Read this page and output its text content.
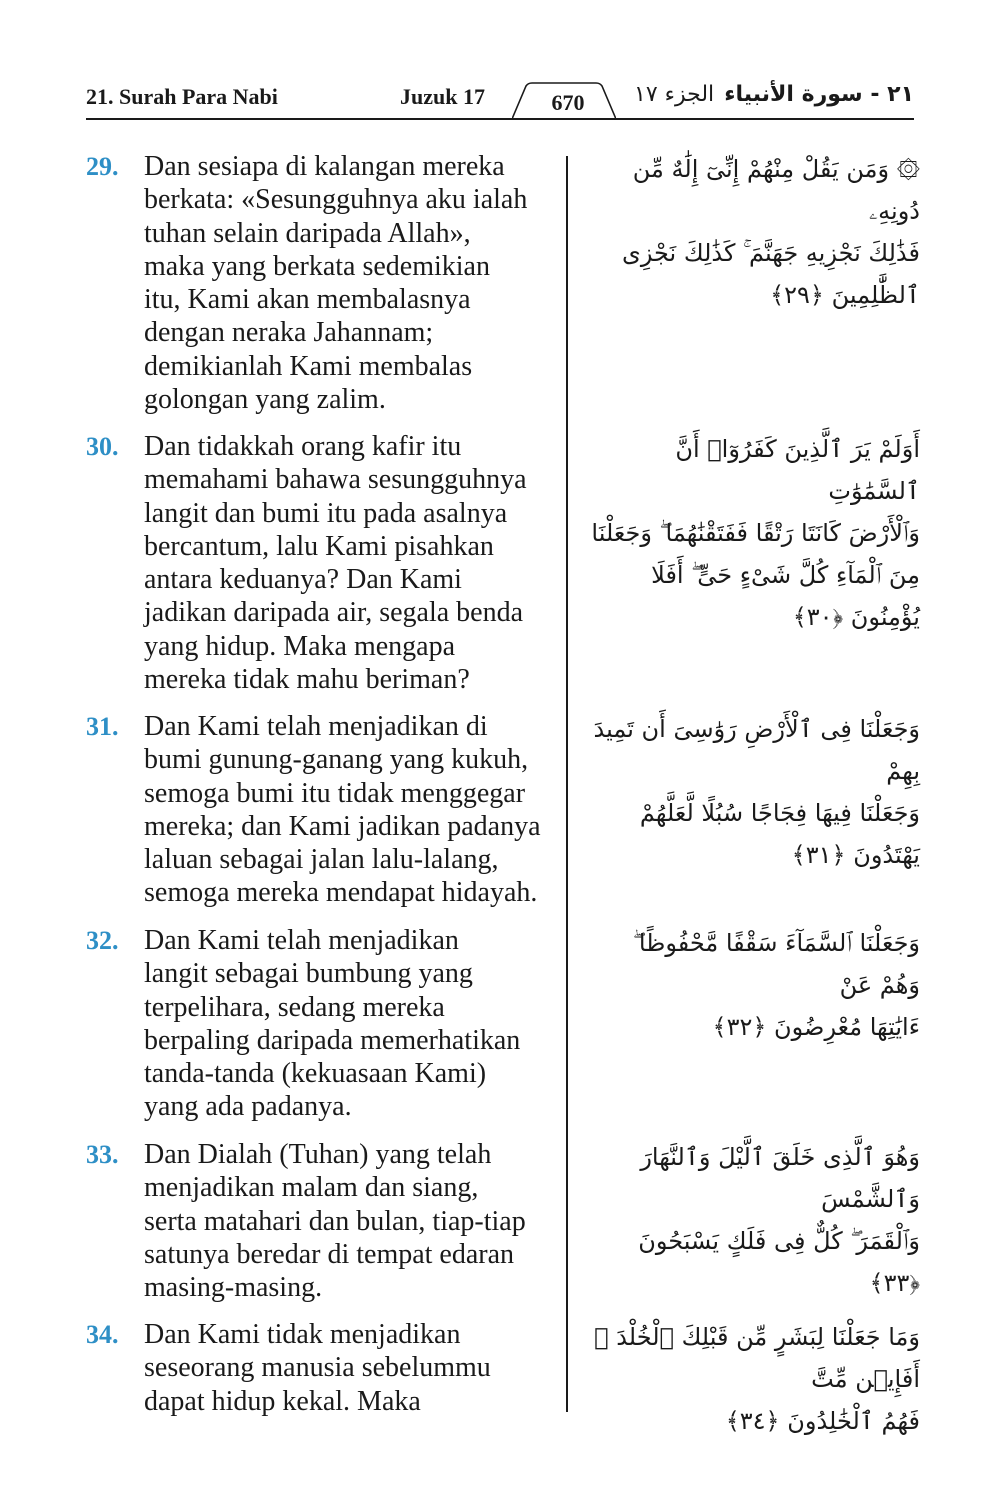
21. Surah Para Nabi	Juzuk 17	670	الجزء ١٧ ٢١ - سورة الأنبياء
29. Dan sesiapa di kalangan mereka
berkata: «Sesungguhnya aku ialah
tuhan selain daripada Allah»,
maka yang berkata sedemikian
itu, Kami akan membalasnya
dengan neraka Jahannam;
demikianlah Kami membalas
golongan yang zalim.
۞ وَمَن يَقُلْ مِنْهُمْ إِنِّىٓ إِلَٰهٌ مِّن دُونِهِۦ
فَذَٰلِكَ نَجْزِيهِ جَهَنَّمَ ۚ كَذَٰلِكَ نَجْزِى
ٱلظَّٰلِمِينَ ﴿٢٩﴾
30. Dan tidakkah orang kafir itu
memahami bahawa sesungguhnya
langit dan bumi itu pada asalnya
bercantum, lalu Kami pisahkan
antara keduanya? Dan Kami
jadikan daripada air, segala benda
yang hidup. Maka mengapa
mereka tidak mahu beriman?
أَوَلَمْ يَرَ ٱلَّذِينَ كَفَرُوٓا۟ أَنَّ ٱلسَّمَٰوَٰتِ
وَٱلْأَرْضَ كَانَتَا رَتْقًا فَفَتَقْنَٰهُمَا ۖ وَجَعَلْنَا
مِنَ ٱلْمَآءِ كُلَّ شَىْءٍ حَىٍّ ۖ أَفَلَا يُؤْمِنُونَ ﴿٣٠﴾
31. Dan Kami telah menjadikan di
bumi gunung-ganang yang kukuh,
semoga bumi itu tidak menggegar
mereka; dan Kami jadikan padanya
laluan sebagai jalan lalu-lalang,
semoga mereka mendapat hidayah.
وَجَعَلْنَا فِى ٱلْأَرْضِ رَوَٰسِىَ أَن تَمِيدَ بِهِمْ
وَجَعَلْنَا فِيهَا فِجَاجًا سُبُلًا لَّعَلَّهُمْ
يَهْتَدُونَ ﴿٣١﴾
32. Dan Kami telah menjadikan
langit sebagai bumbung yang
terpelihara, sedang mereka
berpaling daripada memerhatikan
tanda-tanda (kekuasaan Kami)
yang ada padanya.
وَجَعَلْنَا ٱلسَّمَآءَ سَقْفًا مَّحْفُوظًا ۖ وَهُمْ عَنْ
ءَايَٰتِهَا مُعْرِضُونَ ﴿٣٢﴾
33. Dan Dialah (Tuhan) yang telah
menjadikan malam dan siang,
serta matahari dan bulan, tiap-tiap
satunya beredar di tempat edaran
masing-masing.
وَهُوَ ٱلَّذِى خَلَقَ ٱلَّيْلَ وَٱلنَّهَارَ وَٱلشَّمْسَ
وَٱلْقَمَرَ ۖ كُلٌّ فِى فَلَكٍ يَسْبَحُونَ ﴿٣٣﴾
34. Dan Kami tidak menjadikan
seseorang manusia sebelummu
dapat hidup kekal. Maka
وَمَا جَعَلْنَا لِبَشَرٍ مِّن قَبْلِكَ ٱلْخُلْدَ ۖ أَفَإِي۟ن مِّتَّ
فَهُمُ ٱلْخَٰلِدُونَ ﴿٣٤﴾
